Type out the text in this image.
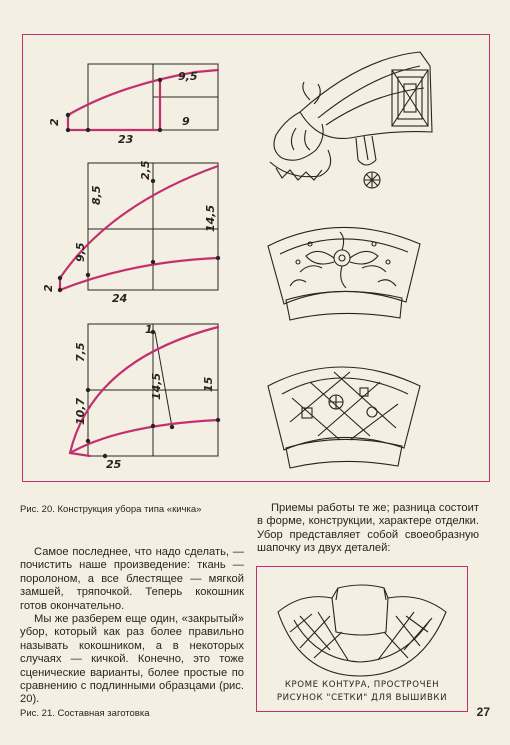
9,5
9
23
2
8,5
2,5
14,5
9,5
24
2
1
7,5
14,5	15
10,7
25
Рис. 20. Конструкция убора типа «кичка»

Самое последнее, что надо сделать, — почистить наше произведение: ткань — поролоном, а все блестящее — мягкой замшей, тряпочкой. Теперь кокошник готов окончательно.

Мы же разберем еще один, «закрытый» убор, который как раз более правильно называть кокошником, а в некоторых случаях — кичкой. Конечно, это тоже сценические варианты, более простые по сравнению с подлинными образцами (рис. 20).

Приемы работы те же; разница состоит в форме, конструкции, характере отделки. Убор представляет собой своеобразную шапочку из двух деталей:

КРОМЕ КОНТУРА, ПРОСТРОЧЕН
РИСУНОК "СЕТКИ" ДЛЯ ВЫШИВКИ
Рис. 21. Составная заготовка	27
